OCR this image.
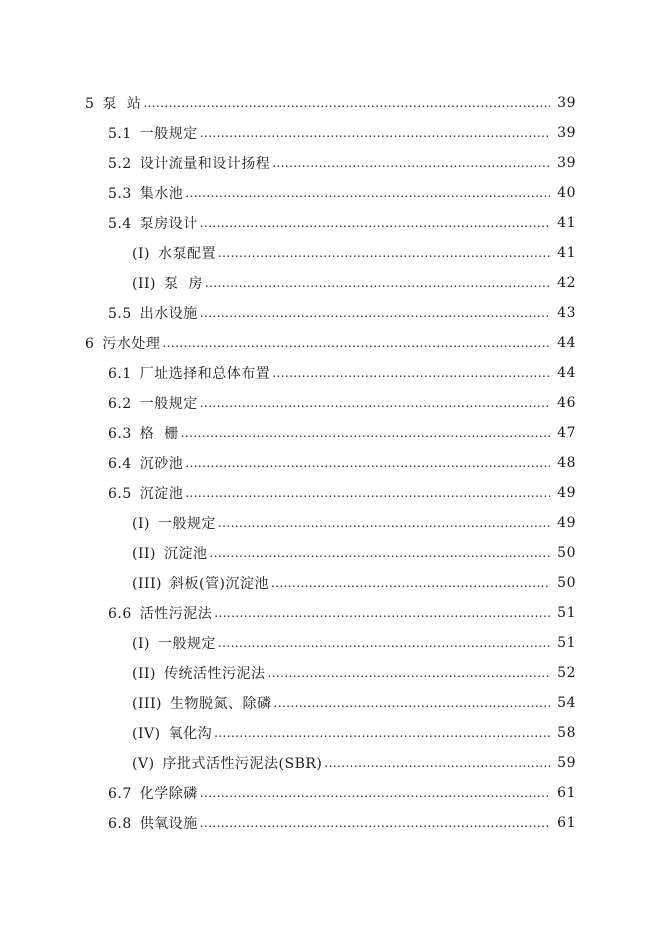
5 泵  站 .....	39
5.1 一般规定 .....	39
5.2 设计流量和设计扬程 .....	39
5.3 集水池 .....	40
5.4 泵房设计 .....	41
(I) 水泵配置 .....	41
(II) 泵  房 .....	42
5.5 出水设施 .....	43
6 污水处理 .....	44
6.1 厂址选择和总体布置 .....	44
6.2 一般规定 .....	46
6.3 格  栅 .....	47
6.4 沉砂池 .....	48
6.5 沉淀池 .....	49
(I) 一般规定 .....	49
(II) 沉淀池 .....	50
(III) 斜板(管)沉淀池 .....	50
6.6 活性污泥法 .....	51
(I) 一般规定 .....	51
(II) 传统活性污泥法 .....	52
(III) 生物脱氮、除磷 .....	54
(IV) 氧化沟 .....	58
(V) 序批式活性污泥法(SBR) .....	59
6.7 化学除磷 .....	61
6.8 供氧设施 .....	61
